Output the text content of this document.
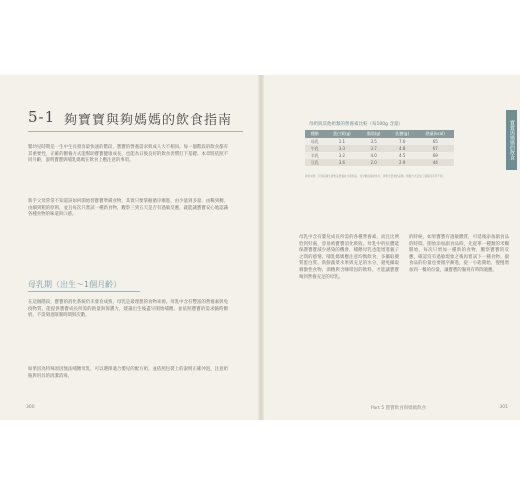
5-1 夠寶寶與夠媽媽的飲食指南
嬰幼兒時期是一生中生長發育最快速的階段，寶寶的營養需求與成人大不相同。每一個階段的飲食都有其重要性，正確的餵養方式能幫助寶寶健康成長，也能為日後良好的飲食習慣打下基礎。本章將依照不同月齡，說明寶寶與哺乳媽媽在飲食上應注意的事項。
新手父母常常不知道該如何開始替寶寶準備食物，其實只要掌握循序漸進、由少量到多量、由稀到稠、由細到粗的原則，並且每次只嘗試一種新食物，觀察三到五天是否有過敏反應，就能讓寶寶安心地認識各種食物的味道與口感。
母乳期（出生～1個月齡）
在這個階段，寶寶的消化系統仍未發育成熟，母乳是最理想的食物來源。母乳中含有豐富的營養素與免疫物質，能提供寶寶成長所需的熱量與保護力，建議出生後盡早開始哺餵，並依照寶寶的需求隨時餵奶，不需刻意限制時間與次數。
如果因為特殊原因無法哺餵母乳，可以選擇適合嬰兒的配方奶，並依照包裝上的說明正確沖泡，注意奶瓶與用具的清潔消毒。
300
寶寶與媽媽的飲食
母奶與其他奶類的營養素比較（每100g 含量）
種類	蛋白質(g)	脂肪(g)	乳糖(g)	熱量(kcal)
母乳	1.1	3.5	7.0	65
牛乳	3.3	3.7	4.8	67
羊乳	3.2	4.0	4.5	69
豆乳	3.6	2.0	2.9	44
資料來源：行政院衛生署食品營養成分資料庫。表中數值僅供參考，實際含量會依品種、飼養方式及加工過程而有所不同。
母乳中含有嬰兒成長所需的各種營養素，而且比例恰到好處，容易被寶寶消化吸收。母乳中的抗體能保護寶寶減少感染的機會，哺餵母乳也能增進親子之間的感情。哺乳媽媽應注意均衡飲食，多攝取優質蛋白質、新鮮蔬菜水果與充足的水分，避免攝取刺激性食物、酒精與含咖啡因的飲料，才能讓寶寶喝到營養充足的母乳。
的時候，如果寶寶有過敏體質，可延後添加副食品的時間。開始添加副食品時，先從單一種類的米糊開始，每次只增加一種新的食物，觀察寶寶的反應，確認沒有過敏現象之後再嘗試下一種食物。副食品的份量也要循序漸進，從一小匙開始，慢慢增加到一餐的份量，讓寶寶的腸胃有時間適應。
Part 5 寶寶飲食與媽媽飲食	301
